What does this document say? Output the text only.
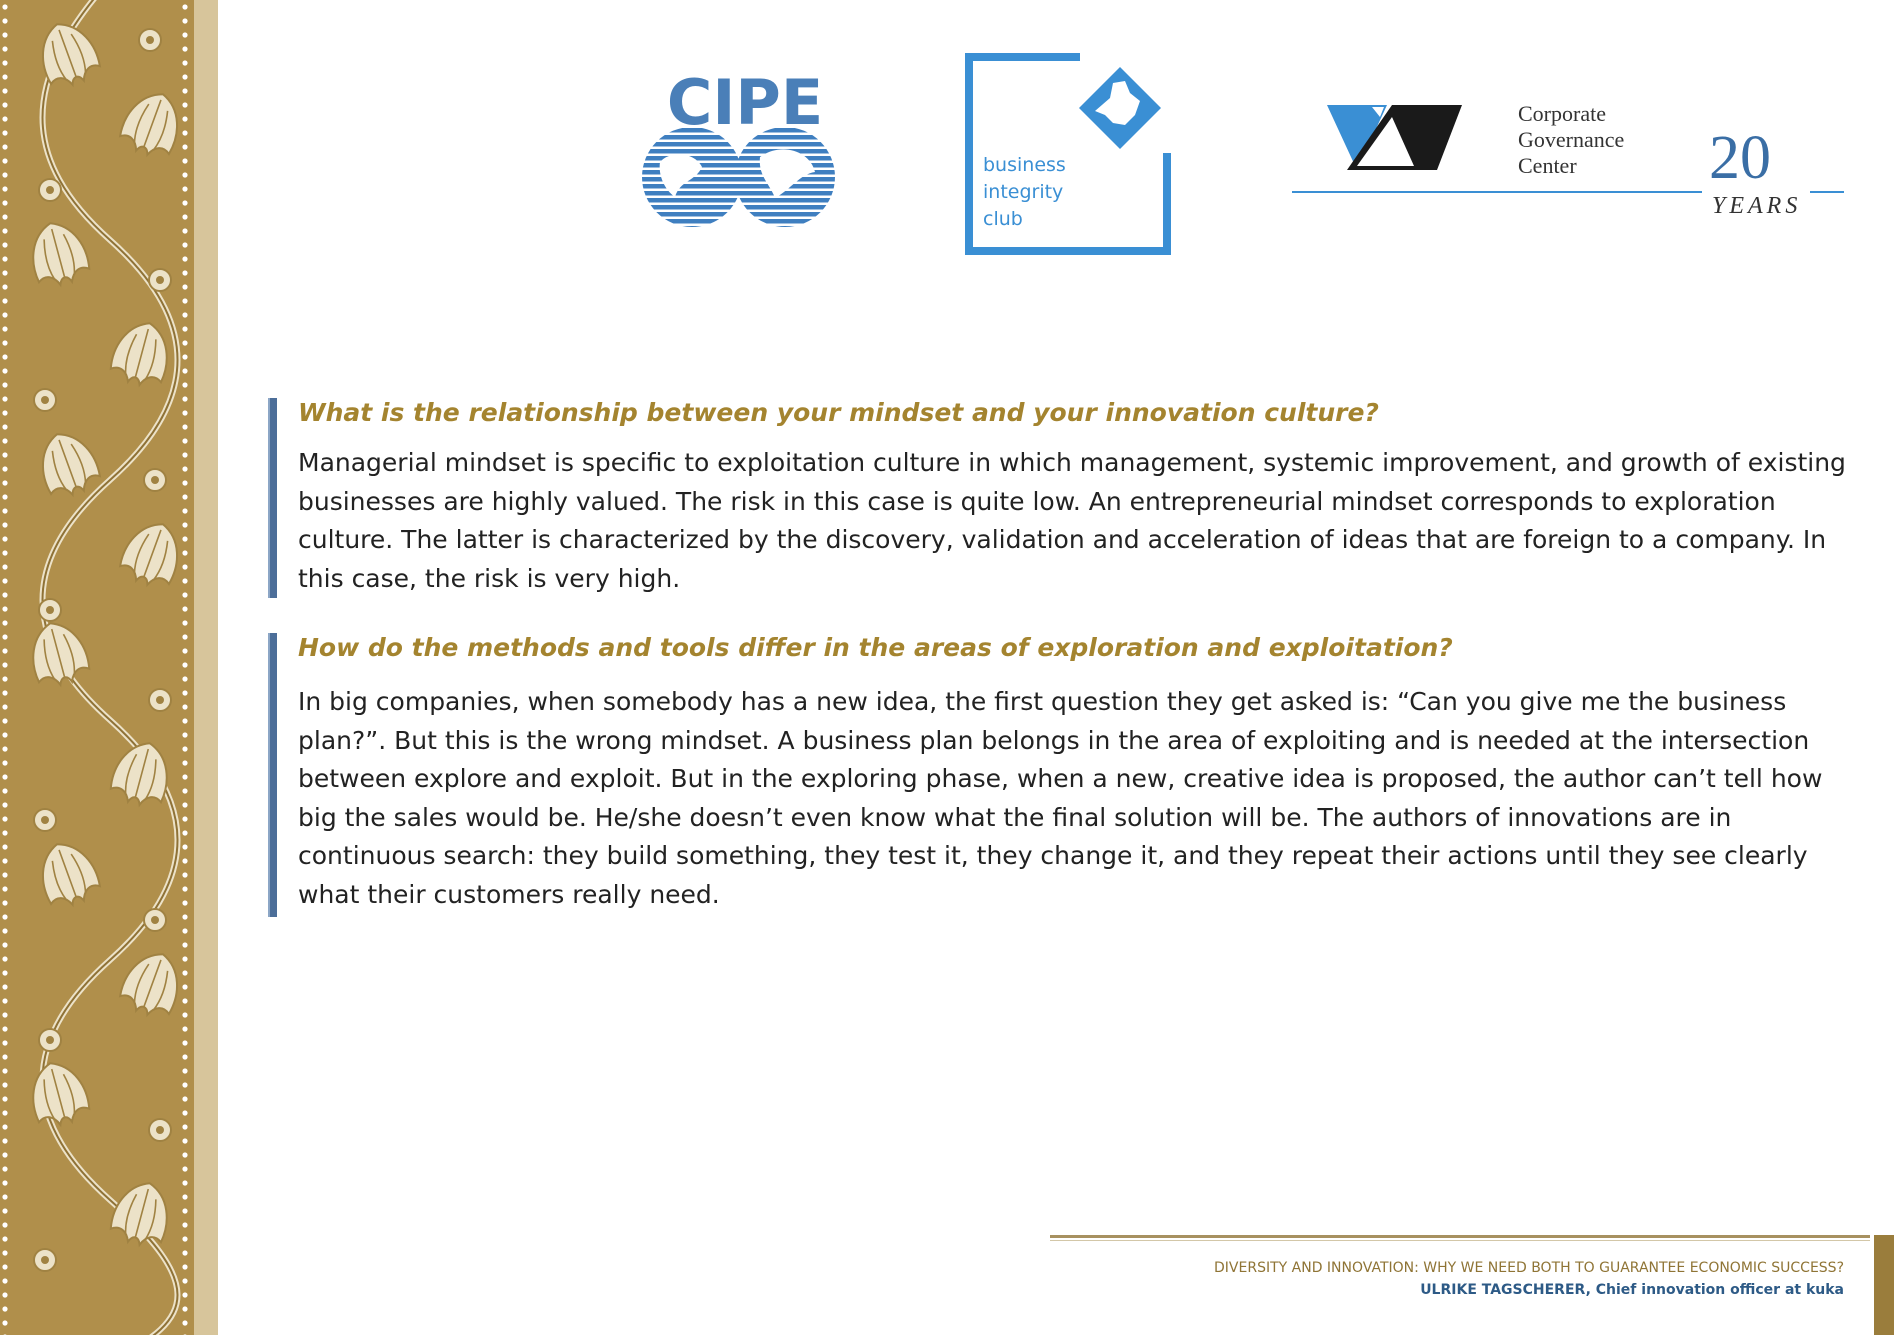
CIPE
business
integrity
club
Corporate
Governance
Center 20
YEARS

What is the relationship between your mindset and your innovation culture?

Managerial mindset is specific to exploitation culture in which management, systemic improvement, and growth of existing businesses are highly valued. The risk in this case is quite low. An entrepreneurial mindset corresponds to exploration culture. The latter is characterized by the discovery, validation and acceleration of ideas that are foreign to a company. In this case, the risk is very high.

How do the methods and tools differ in the areas of exploration and exploitation?

In big companies, when somebody has a new idea, the first question they get asked is: “Can you give me the business plan?”. But this is the wrong mindset. A business plan belongs in the area of exploiting and is needed at the intersection between explore and exploit. But in the exploring phase, when a new, creative idea is proposed, the author can’t tell how big the sales would be. He/she doesn’t even know what the final solution will be. The authors of innovations are in continuous search: they build something, they test it, they change it, and they repeat their actions until they see clearly what their customers really need.

DIVERSITY AND INNOVATION: WHY WE NEED BOTH TO GUARANTEE ECONOMIC SUCCESS?
ULRIKE TAGSCHERER, Chief innovation officer at kuka
